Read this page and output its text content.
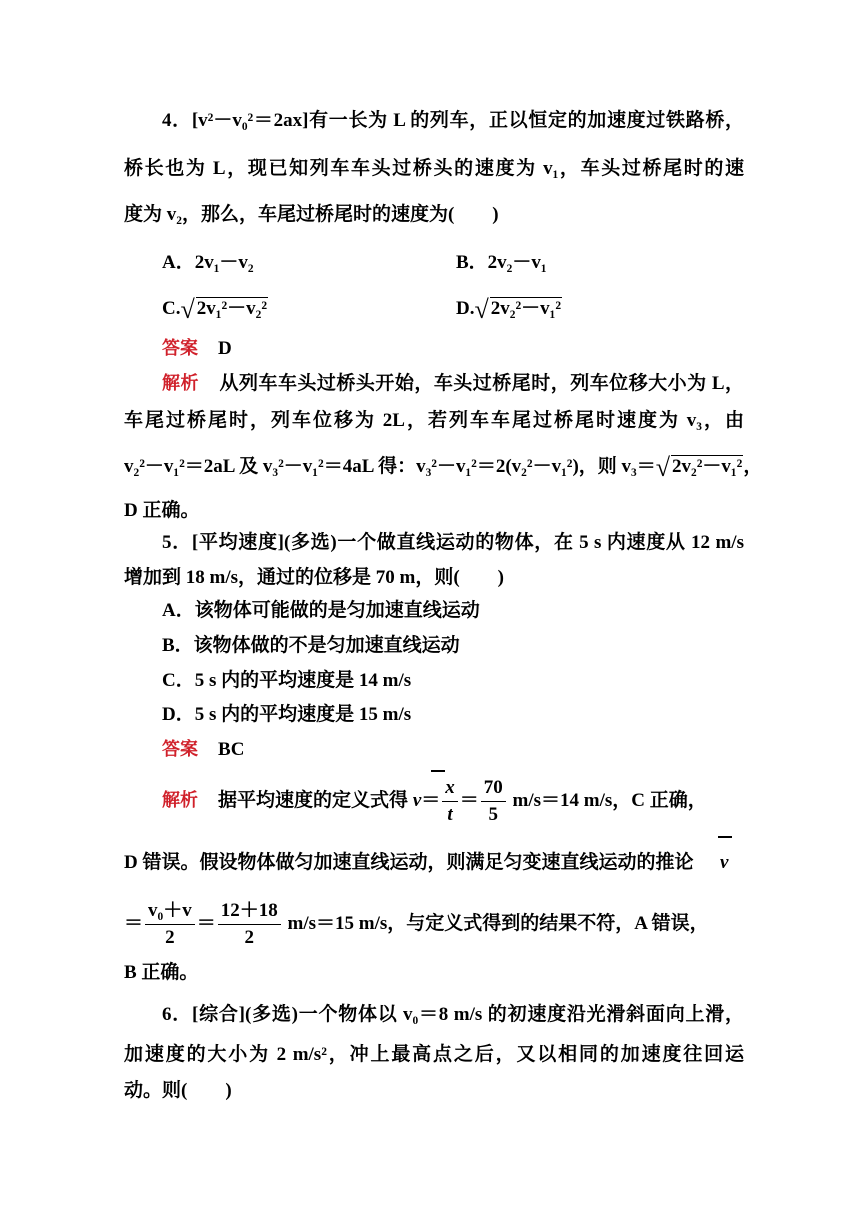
4．[v²－v₀²＝2ax]有一长为 L 的列车，正以恒定的加速度过铁路桥，
桥长也为 L，现已知列车车头过桥头的速度为 v₁，车头过桥尾时的速
度为 v₂，那么，车尾过桥尾时的速度为(　　)
A．2v₁－v₂	B．2v₂－v₁
C.√ 2v₁²－v₂²	D.√ 2v₂²－v₁²
答案 D
解析 从列车车头过桥头开始，车头过桥尾时，列车位移大小为 L，
车尾过桥尾时，列车位移为 2L，若列车车尾过桥尾时速度为 v₃，由
v₂²－v₁²＝2aL 及 v₃²－v₁²＝4aL 得：v₃²－v₁²＝2(v₂²－v₁²)，则 v₃＝√ 2v₂²－v₁²，
D 正确。
5．[平均速度](多选)一个做直线运动的物体，在 5 s 内速度从 12 m/s
增加到 18 m/s，通过的位移是 70 m，则(　　)
A．该物体可能做的是匀加速直线运动
B．该物体做的不是匀加速直线运动
C．5 s 内的平均速度是 14 m/s
D．5 s 内的平均速度是 15 m/s
答案 BC
解析 据平均速度的定义式得 $v= \frac{x}{t} = \frac{70}{5} m/s=14$ m/s，C 正确，
D 错误。假设物体做匀加速直线运动，则满足匀变速直线运动的推论 v
＝ $\frac{\text{v₀＋v}}{2} = \frac{12+18}{2} m/s=15$ m/s，与定义式得到的结果不符，A 错误，
B 正确。
6．[综合](多选)一个物体以 v₀＝8 m/s 的初速度沿光滑斜面向上滑，
加速度的大小为 2 m/s²，冲上最高点之后，又以相同的加速度往回运
动。则(　　)
